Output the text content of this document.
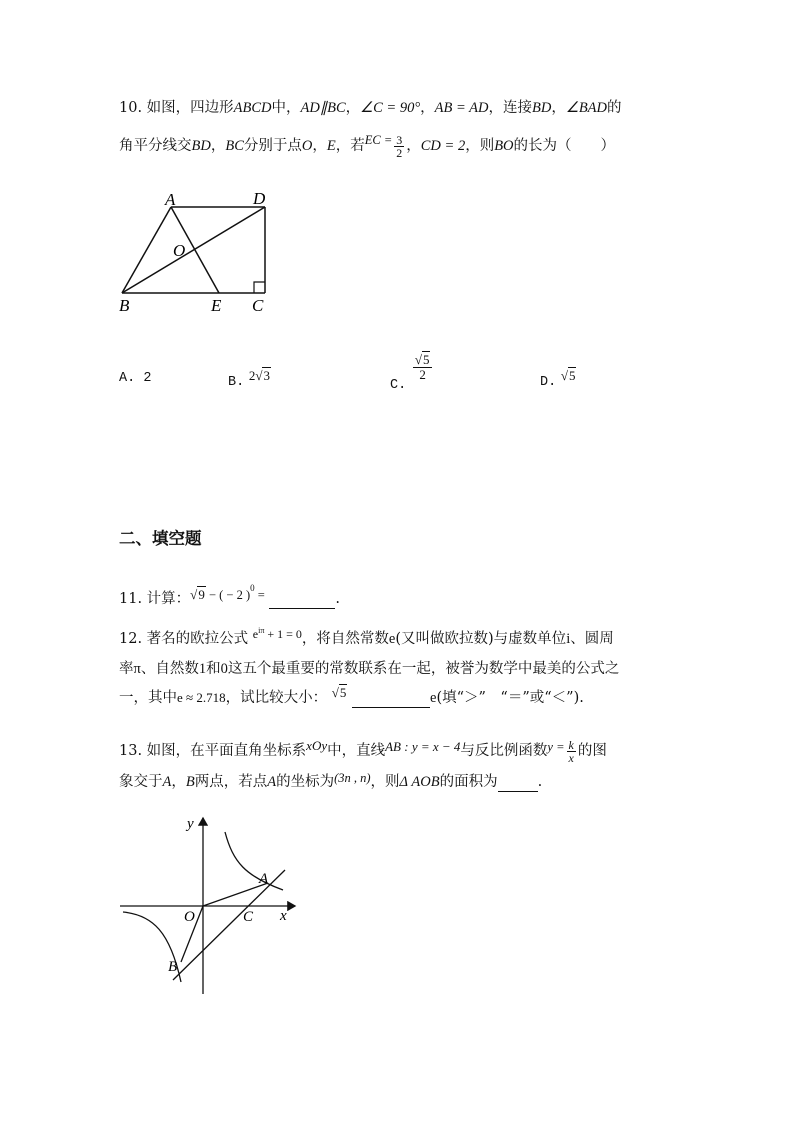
10. 如图，四边形ABCD中，AD∥BC，∠C = 90°，AB = AD，连接BD，∠BAD的
角平分线交BD，BC分别于点O，E，若EC = $\frac{3}{2}$ ，CD = 2，则BO的长为（　　）
A	D
O
B	E C
A. 2	B. 2√3
C.
$\frac{√5}{2}$
D. √5
二、填空题
11. 计算：√9 − ( − 2 )$^0$ =	.
12. 著名的欧拉公式 $^{e^{i\pi} + 1 = 0}$，将自然常数e(又叫做欧拉数)与虚数单位i、圆周
率π、自然数1和0这五个最重要的常数联系在一起，被誉为数学中最美的公式之
一，其中e ≈ 2.718，试比较大小： √5	e(填“＞”　“＝”或“＜”).
13. 如图，在平面直角坐标系xOy中，直线AB : y = x − 4与反比例函数$y = \frac{k}{x}$ 的图
象交于A，B两点，若点A的坐标为(3n , n)，则Δ AOB的面积为	.
y
x
O
A
B
C
